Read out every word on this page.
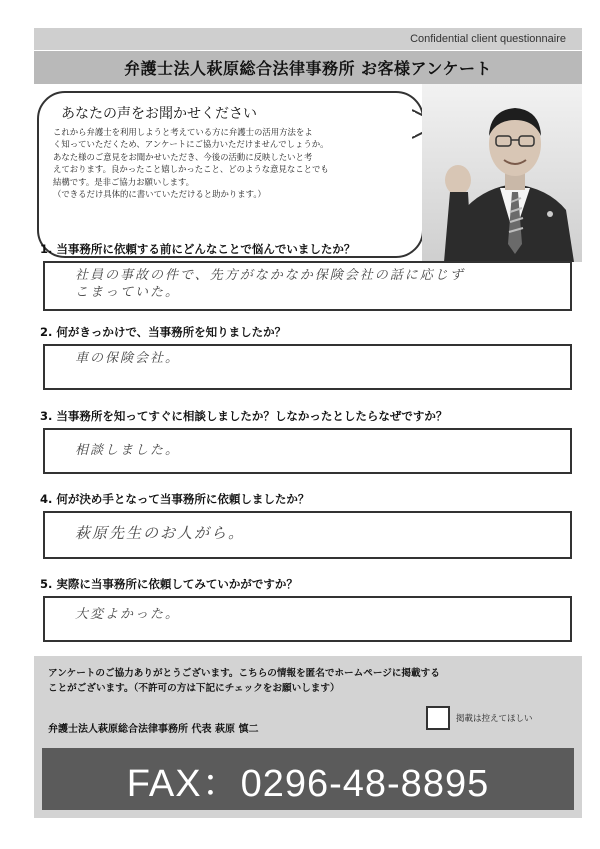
Confidential client questionnaire
弁護士法人萩原総合法律事務所 お客様アンケート
あなたの声をお聞かせください
これから弁護士を利用しようと考えている方に弁護士の活用方法をよ
く知っていただくため、アンケートにご協力いただけませんでしょうか。
あなた様のご意見をお聞かせいただき、今後の活動に反映したいと考
えております。良かったこと嬉しかったこと、どのような意見なことでも
結構です。是非ご協力お願いします。
（できるだけ具体的に書いていただけると助かります。）
1. 当事務所に依頼する前にどんなことで悩んでいましたか？
社員の事故の件で、先方がなかなか保険会社の話に応じず
こまっていた。
2. 何がきっかけで、当事務所を知りましたか？
車の保険会社。
3. 当事務所を知ってすぐに相談しましたか？しなかったとしたらなぜですか？
相談しました。
4. 何が決め手となって当事務所に依頼しましたか？
萩原先生のお人がら。
5. 実際に当事務所に依頼してみていかがですか？
大変よかった。
アンケートのご協力ありがとうございます。こちらの情報を匿名でホームページに掲載する
ことがございます。（不許可の方は下記にチェックをお願いします）
弁護士法人萩原総合法律事務所 代表 萩原 慎二
掲載は控えてほしい
FAX：0296-48-8895
